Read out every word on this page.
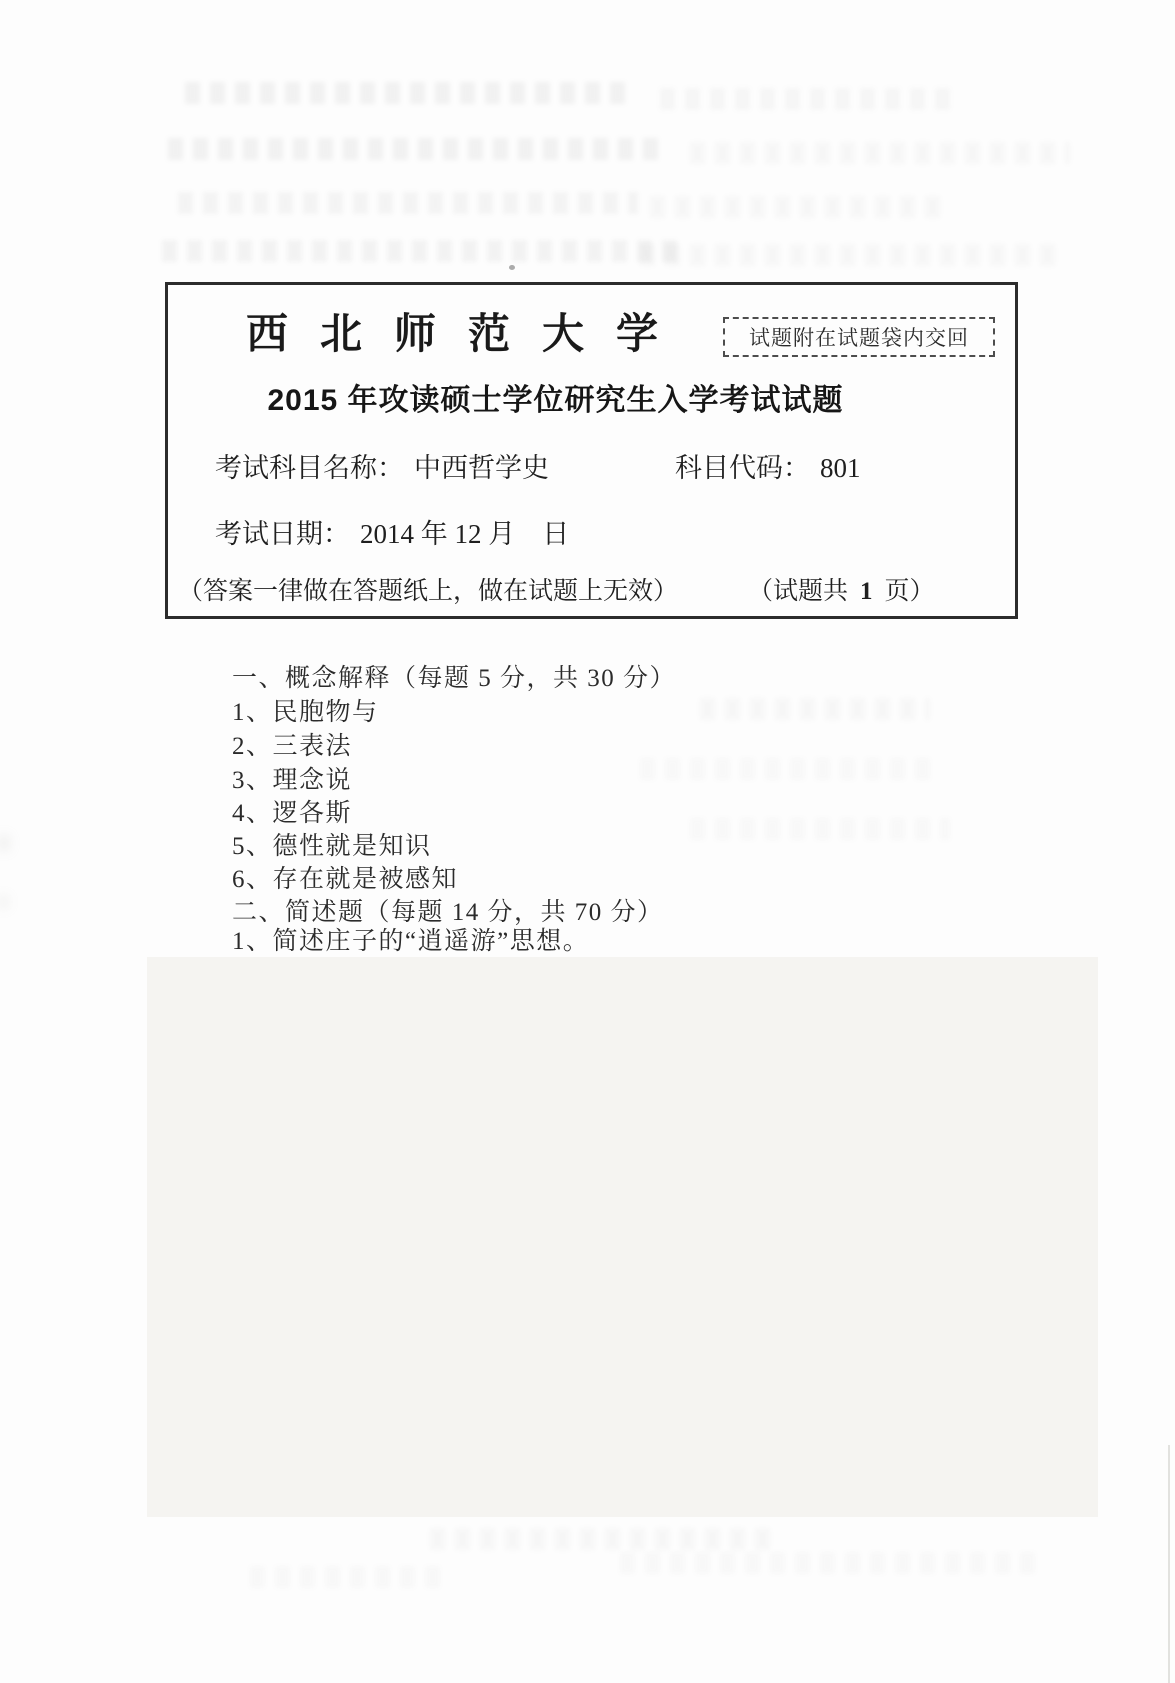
西北师范大学	试题附在试题袋内交回
2015 年攻读硕士学位研究生入学考试试题
考试科目名称： 中西哲学史	科目代码： 801
考试日期： 2014 年 12 月　日
（答案一律做在答题纸上，做在试题上无效）	（试题共 1 页）
一、概念解释（每题 5 分，共 30 分）
1、民胞物与
2、三表法
3、理念说
4、逻各斯
5、德性就是知识
6、存在就是被感知
二、简述题（每题 14 分，共 70 分）
1、简述庄子的“逍遥游”思想。
